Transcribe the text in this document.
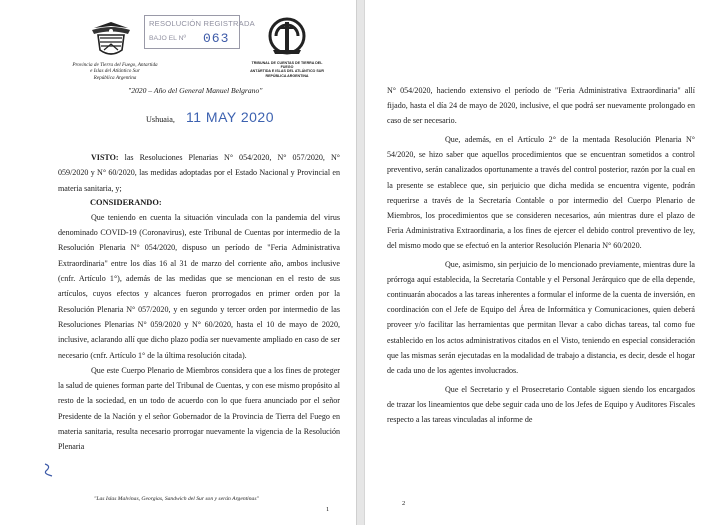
Provincia de Tierra del Fuego, Antartida
e Islas del Atlántico Sur
República Argentina
RESOLUCIÓN REGISTRADA
BAJO EL Nº 063
TRIBUNAL DE CUENTAS DE TIERRA DEL FUEGO
ANTÁRTIDA E ISLAS DEL ATLÁNTICO SUR
REPÚBLICA ARGENTINA
"2020 – Año del General Manuel Belgrano"
Ushuaia, 11 MAY 2020

VISTO: las Resoluciones Plenarias N° 054/2020, N° 057/2020, N° 059/2020 y N° 60/2020, las medidas adoptadas por el Estado Nacional y Provincial en materia sanitaria, y;

CONSIDERANDO:

Que teniendo en cuenta la situación vinculada con la pandemia del virus denominado COVID-19 (Coronavirus), este Tribunal de Cuentas por intermedio de la Resolución Plenaria N° 054/2020, dispuso un período de "Feria Administrativa Extraordinaria" entre los días 16 al 31 de marzo del corriente año, ambos inclusive (cnfr. Artículo 1°), además de las medidas que se mencionan en el resto de sus artículos, cuyos efectos y alcances fueron prorrogados en primer orden por la Resolución Plenaria N° 057/2020, y en segundo y tercer orden por intermedio de las Resoluciones Plenarias N° 059/2020 y N° 60/2020, hasta el 10 de mayo de 2020, inclusive, aclarando allí que dicho plazo podía ser nuevamente ampliado en caso de ser necesario (cnfr. Artículo 1° de la última resolución citada).

Que este Cuerpo Plenario de Miembros considera que a los fines de proteger la salud de quienes forman parte del Tribunal de Cuentas, y con ese mismo propósito al resto de la sociedad, en un todo de acuerdo con lo que fuera anunciado por el señor Presidente de la Nación y el señor Gobernador de la Provincia de Tierra del Fuego en materia sanitaria, resulta necesario prorrogar nuevamente la vigencia de la Resolución Plenaria

"Las Islas Malvinas, Georgias, Sandwich del Sur son y serán Argentinas"
1

N° 054/2020, haciendo extensivo el período de "Feria Administrativa Extraordinaria" allí fijado, hasta el día 24 de mayo de 2020, inclusive, el que podrá ser nuevamente prolongado en caso de ser necesario.

Que, además, en el Artículo 2° de la mentada Resolución Plenaria N° 54/2020, se hizo saber que aquellos procedimientos que se encuentran sometidos a control preventivo, serán canalizados oportunamente a través del control posterior, razón por la cual en la presente se establece que, sin perjuicio que dicha medida se encuentra vigente, podrán requerirse a través de la Secretaría Contable o por intermedio del Cuerpo Plenario de Miembros, los procedimientos que se consideren necesarios, aún mientras dure el plazo de Feria Administrativa Extraordinaria, a los fines de ejercer el debido control preventivo de ley, del mismo modo que se efectuó en la anterior Resolución Plenaria N° 60/2020.

Que, asimismo, sin perjuicio de lo mencionado previamente, mientras dure la prórroga aquí establecida, la Secretaría Contable y el Personal Jerárquico que de ella depende, continuarán abocados a las tareas inherentes a formular el informe de la cuenta de inversión, en coordinación con el Jefe de Equipo del Área de Informática y Comunicaciones, quien deberá proveer y/o facilitar las herramientas que permitan llevar a cabo dichas tareas, tal como fue establecido en los actos administrativos citados en el Visto, teniendo en especial consideración que las mismas serán ejecutadas en la modalidad de trabajo a distancia, es decir, desde el hogar de cada uno de los agentes involucrados.

Que el Secretario y el Prosecretario Contable siguen siendo los encargados de trazar los lineamientos que debe seguir cada uno de los Jefes de Equipo y Auditores Fiscales respecto a las tareas vinculadas al informe de

2
